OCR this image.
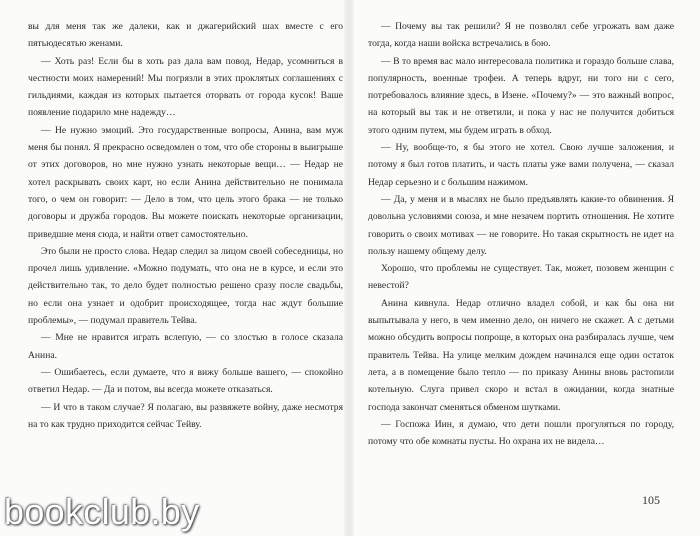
вы для меня так же далеки, как и джагерийский шах вместе с его пятьюдесятью женами.

— Хоть раз! Если бы в хоть раз дала вам повод, Недар, усомниться в честности моих намерений! Мы погрязли в этих проклятых соглашениях с гильдиями, каждая из которых пытается оторвать от города кусок! Ваше появление подарило мне надежду…

— Не нужно эмоций. Это государственные вопросы, Анина, вам муж меня бы понял. Я прекрасно осведомлен о том, что обе стороны в выигрыше от этих договоров, но мне нужно узнать некоторые вещи… — Недар не хотел раскрывать своих карт, но если Анина действительно не понимала того, о чем он говорит: — Дело в том, что цель этого брака — не только договоры и дружба городов. Вы можете поискать некоторые организации, приведшие меня сюда, и найти ответ самостоятельно.

Это были не просто слова. Недар следил за лицом своей собеседницы, но прочел лишь удивление. «Можно подумать, что она не в курсе, и если это действительно так, то дело будет полностью решено сразу после свадьбы, но если она узнает и одобрит происходящее, тогда нас ждут большие проблемы», — подумал правитель Тейва.

— Мне не нравится играть вслепую, — со злостью в голосе сказала Анина.

— Ошибаетесь, если думаете, что я вижу больше вашего, — спокойно ответил Недар. — Да и потом, вы всегда можете отказаться.

— И что в таком случае? Я полагаю, вы развяжете войну, даже несмотря на то как трудно приходится сейчас Тейву.

— Почему вы так решили? Я не позволял себе угрожать вам даже тогда, когда наши войска встречались в бою.

— В то время вас мало интересовала политика и гораздо больше слава, популярность, военные трофеи. А теперь вдруг, ни того ни с сего, потребовалось влияние здесь, в Изене. «Почему?» — это важный вопрос, на который вы так и не ответили, и пока у нас не получится добиться этого одним путем, мы будем играть в обход.

— Ну, вообще-то, я бы этого не хотел. Свою лучше заложения, и потому я был готов платить, и часть платы уже вами получена, — сказал Недар серьезно и с большим нажимом.

— Да, у меня и в мыслях не было предъявлять какие-то обвинения. Я довольна условиями союза, и мне незачем портить отношения. Не хотите говорить о своих мотивах — не говорите. Но такая скрытность не идет на пользу нашему общему делу.

Хорошо, что проблемы не существует. Так, может, позовем женщин с невестой?

Анина кивнула. Недар отлично владел собой, и как бы она ни выпытывала у него, в чем именно дело, он ничего не скажет. А с детьми можно обсудить вопросы попроще, в которых она разбиралась лучше, чем правитель Тейва. На улице мелким дождем начинался еще один остаток лета, а в помещение было тепло — по приказу Анины вновь растопили котельную. Слуга привел скоро и встал в ожидании, когда знатные господа закончат сменяться обменом шутками.

— Госпожа Иин, я думаю, что дети пошли прогуляться по городу, потому что обе комнаты пусты. Но охрана их не видела…

105
bookclub.by
